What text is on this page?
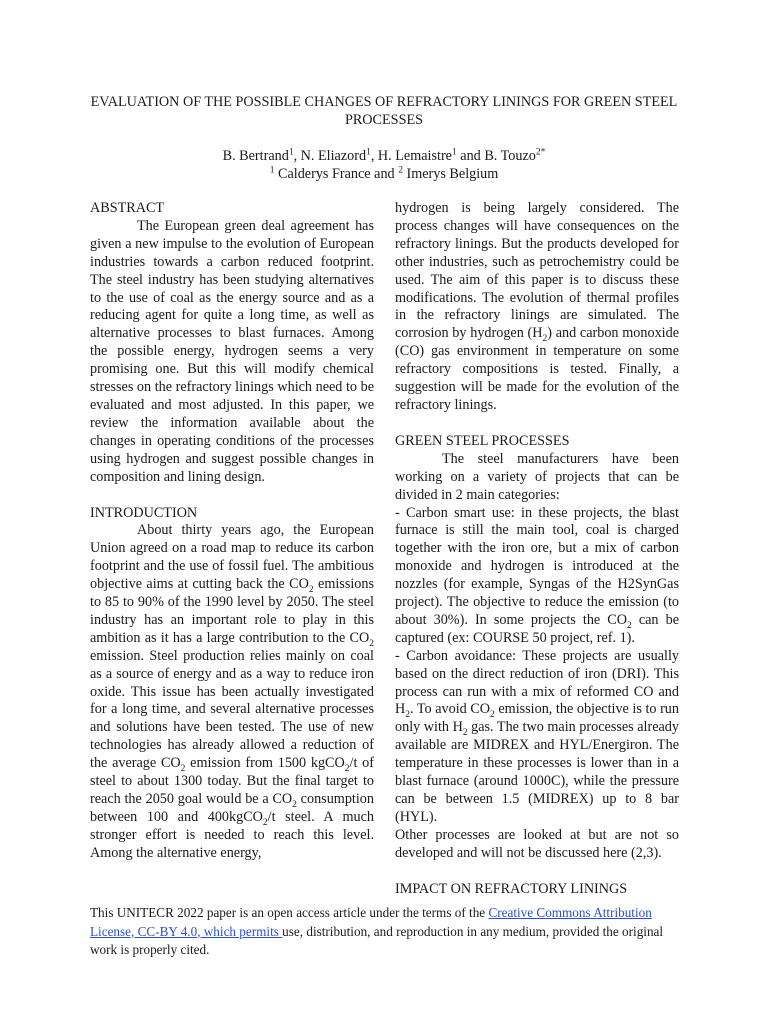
EVALUATION OF THE POSSIBLE CHANGES OF REFRACTORY LININGS FOR GREEN STEEL PROCESSES
B. Bertrand$^1$, N. Eliazord$^1$, H. Lemaistre$^1$ and B. Touzo$^{2*}$
$^1$ Calderys France and $^2$ Imerys Belgium

ABSTRACT

The European green deal agreement has given a new impulse to the evolution of European industries towards a carbon reduced footprint. The steel industry has been studying alternatives to the use of coal as the energy source and as a reducing agent for quite a long time, as well as alternative processes to blast furnaces. Among the possible energy, hydrogen seems a very promising one. But this will modify chemical stresses on the refractory linings which need to be evaluated and most adjusted. In this paper, we review the information available about the changes in operating conditions of the processes using hydrogen and suggest possible changes in composition and lining design.

INTRODUCTION

About thirty years ago, the European Union agreed on a road map to reduce its carbon footprint and the use of fossil fuel. The ambitious objective aims at cutting back the $CO_2$ emissions to 85 to 90% of the 1990 level by 2050. The steel industry has an important role to play in this ambition as it has a large contribution to the $CO_2$ emission. Steel production relies mainly on coal as a source of energy and as a way to reduce iron oxide. This issue has been actually investigated for a long time, and several alternative processes and solutions have been tested. The use of new technologies has already allowed a reduction of the average $CO_2$ emission from 1500 kgCO$_2$/t of steel to about 1300 today. But the final target to reach the 2050 goal would be a $CO_2$ consumption between 100 and 400kgCO$_2$/t steel. A much stronger effort is needed to reach this level. Among the alternative energy,

hydrogen is being largely considered. The process changes will have consequences on the refractory linings. But the products developed for other industries, such as petrochemistry could be used. The aim of this paper is to discuss these modifications. The evolution of thermal profiles in the refractory linings are simulated. The corrosion by hydrogen $(H_2)$ and carbon monoxide (CO) gas environment in temperature on some refractory compositions is tested. Finally, a suggestion will be made for the evolution of the refractory linings.

GREEN STEEL PROCESSES

The steel manufacturers have been working on a variety of projects that can be divided in 2 main categories:

- Carbon smart use: in these projects, the blast furnace is still the main tool, coal is charged together with the iron ore, but a mix of carbon monoxide and hydrogen is introduced at the nozzles (for example, Syngas of the H2SynGas project). The objective to reduce the emission (to about 30%). In some projects the $CO_2$ can be captured (ex: COURSE 50 project, ref. 1).

- Carbon avoidance: These projects are usually based on the direct reduction of iron (DRI). This process can run with a mix of reformed CO and $H_2$. To avoid $CO_2$ emission, the objective is to run only with $H_2$ gas. The two main processes already available are MIDREX and HYL/Energiron. The temperature in these processes is lower than in a blast furnace (around 1000C), while the pressure can be between 1.5 (MIDREX) up to 8 bar (HYL).

Other processes are looked at but are not so developed and will not be discussed here (2,3).

IMPACT ON REFRACTORY LININGS

This UNITECR 2022 paper is an open access article under the terms of the Creative Commons Attribution License, CC-BY 4.0, which permits use, distribution, and reproduction in any medium, provided the original work is properly cited.
